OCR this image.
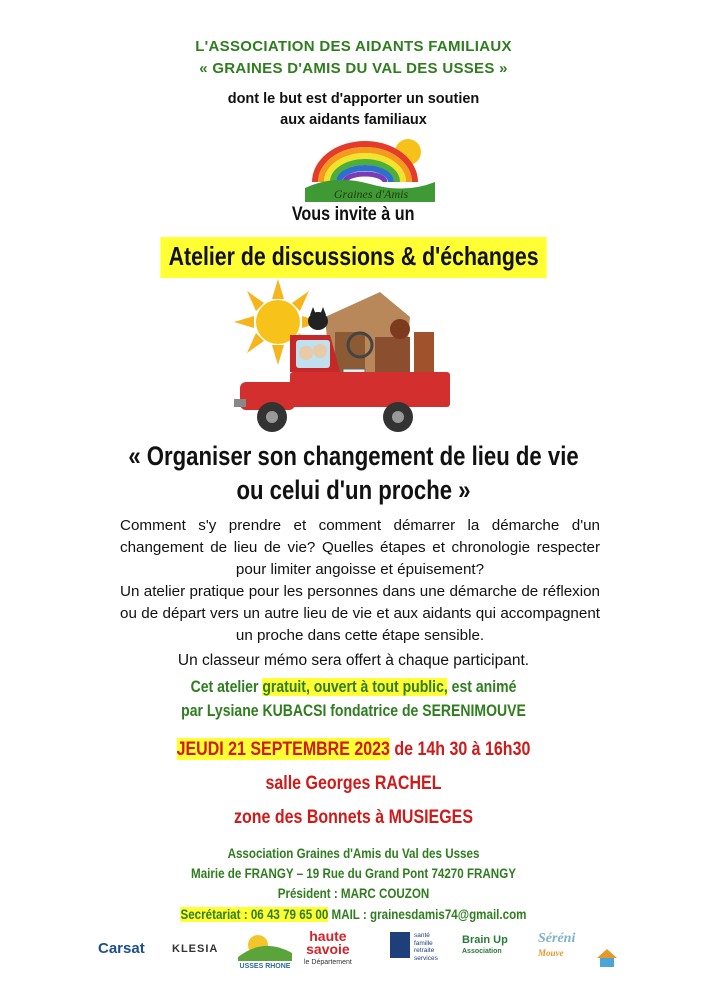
L'ASSOCIATION DES AIDANTS FAMILIAUX
« GRAINES D'AMIS DU VAL DES USSES »
dont le but est d'apporter un soutien
aux aidants familiaux
Graines d'Amis
Vous invite à un
Atelier de discussions & d'échanges
« Organiser son changement de lieu de vie
ou celui d'un proche »
Comment s'y prendre et comment démarrer la démarche d'un changement de lieu de vie? Quelles étapes et chronologie respecter pour limiter angoisse et épuisement?
Un atelier pratique pour les personnes dans une démarche de réflexion ou de départ vers un autre lieu de vie et aux aidants qui accompagnent un proche dans cette étape sensible.
Un classeur mémo sera offert à chaque participant.
Cet atelier gratuit, ouvert à tout public, est animé
par Lysiane KUBACSI fondatrice de SERENIMOUVE
JEUDI 21 SEPTEMBRE 2023 de 14h 30 à 16h30
salle Georges RACHEL
zone des Bonnets à MUSIEGES
Association Graines d'Amis du Val des Usses
Mairie de FRANGY – 19 Rue du Grand Pont 74270 FRANGY
Président : MARC COUZON
Secrétariat : 06 43 79 65 00 MAIL : grainesdamis74@gmail.com
Carsat KLESIA
USSES RHONE
haute
savoie
le Département
santé
famille
retraite
services
Brain Up
Association
Séréni
Mouve
